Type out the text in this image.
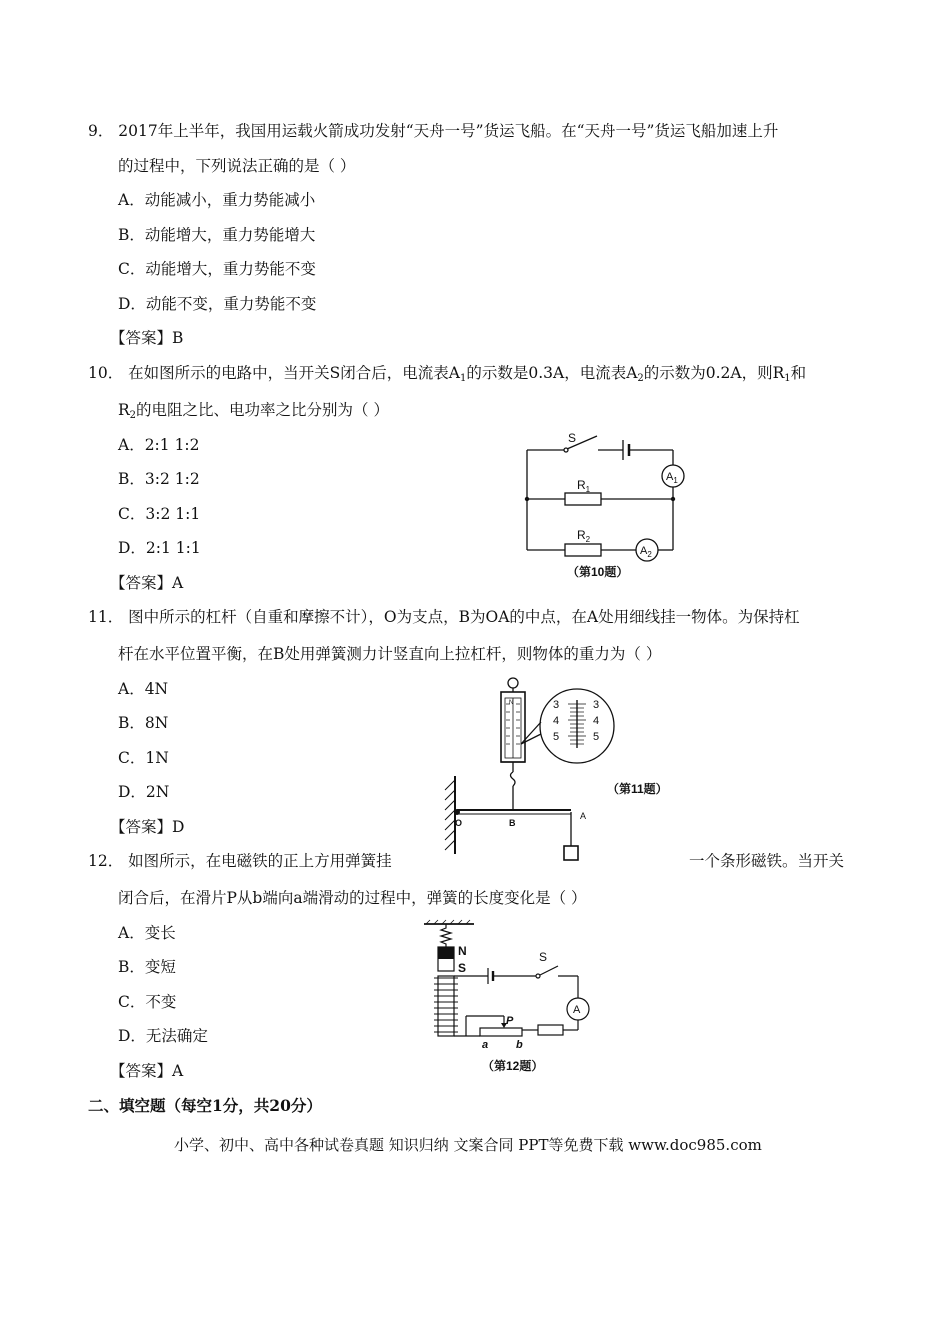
9． 2017年上半年，我国用运载火箭成功发射“天舟一号”货运飞船。在“天舟一号”货运飞船加速上升
的过程中，下列说法正确的是（ ）
A．动能减小，重力势能减小
B．动能增大，重力势能增大
C．动能增大，重力势能不变
D．动能不变，重力势能不变
【答案】B
10． 在如图所示的电路中，当开关S闭合后，电流表$A_1$的示数是0.3A，电流表$A_2$的示数为0.2A，则$R_1$和
$R_2$的电阻之比、电功率之比分别为（ ）
A．2:1 1:2
B．3:2 1:2
C．3:2 1:1
D．2:1 1:1
【答案】A
S
$A_1$
$R_1$
$R_2$
$A_2$
（第10题）
11． 图中所示的杠杆（自重和摩擦不计），O为支点，B为OA的中点，在A处用细线挂一物体。为保持杠
杆在水平位置平衡，在B处用弹簧测力计竖直向上拉杠杆，则物体的重力为（ ）
A．4N
B．8N
C．1N
D．2N
【答案】D
N	3
4
5
3
4
5
O	B
A
（第11题）
12． 如图所示，在电磁铁的正上方用弹簧挂	一个条形磁铁。当开关
闭合后，在滑片P从b端向a端滑动的过程中，弹簧的长度变化是（ ）
A．变长
B．变短
C．不变
D．无法确定
【答案】A
N
S
S
A
P
a	b
（第12题）
二、填空题（每空1分，共20分）
小学、初中、高中各种试卷真题 知识归纳 文案合同 PPT等免费下载 www.doc985.com
